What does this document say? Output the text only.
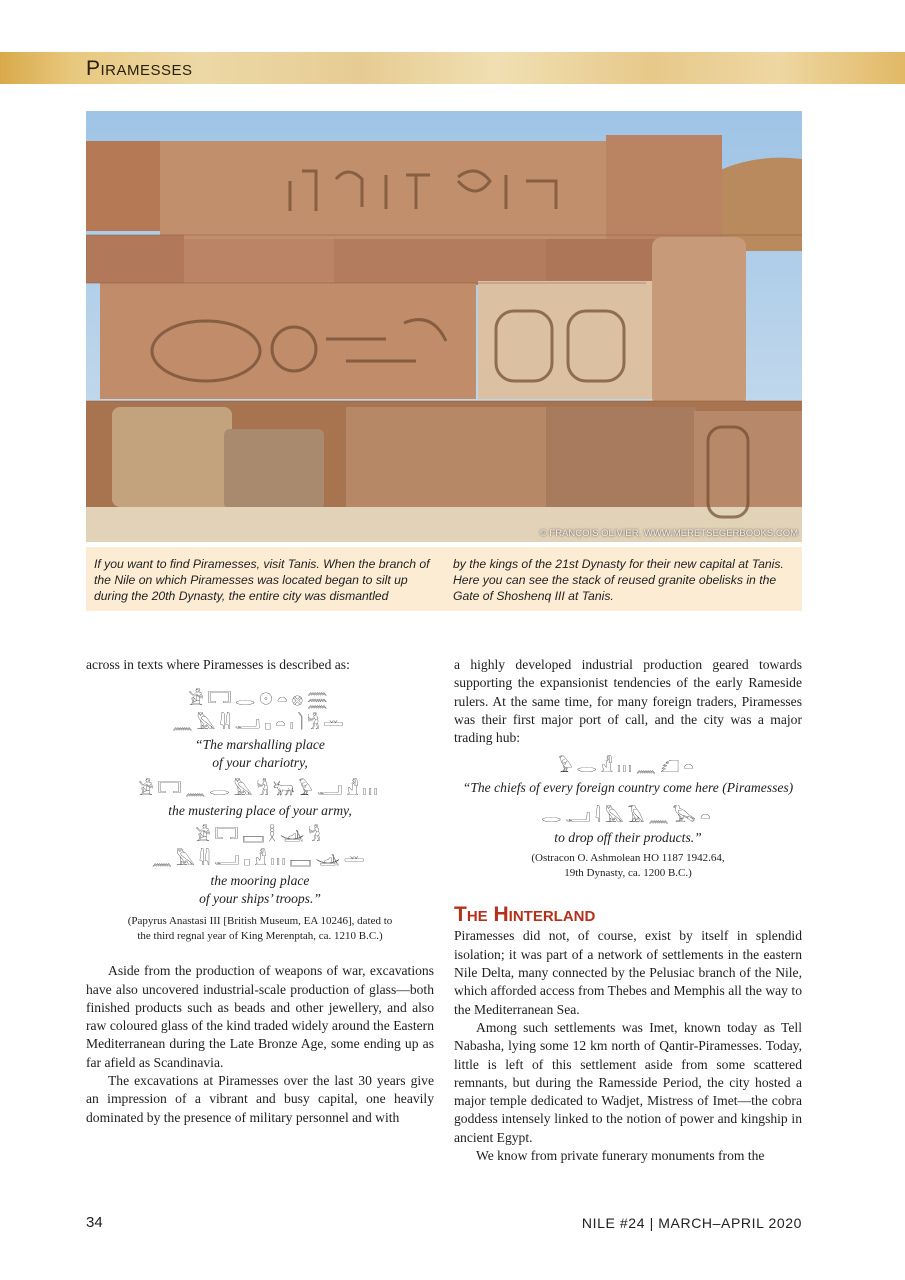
Piramesses
© FRANÇOIS OLIVIER, WWW.MERETSEGERBOOKS.COM
If you want to find Piramesses, visit Tanis. When the branch of the Nile on which Piramesses was located began to silt up during the 20th Dynasty, the entire city was dismantled
by the kings of the 21st Dynasty for their new capital at Tanis. Here you can see the stack of reused granite obelisks in the Gate of Shoshenq III at Tanis.

across in texts where Piramesses is described as:

𓀀𓉐𓂋𓇳𓏏𓊖𓈗
𓈖𓅓𓇌𓂝𓊪𓏏𓏤𓌙𓀜𓏛

“The marshalling place

of your chariotry,

𓀀𓉐𓈖𓂋𓅓𓀜𓃒𓅱𓂝𓀭𓏥

the mustering place of your army,

𓀀𓉐𓈙𓎛𓊛𓀜
𓈖𓅓𓇌𓂝𓊪𓀭𓏥𓈙𓊛𓏛

the mooring place

of your ships’ troops.”

(Papyrus Anastasi III [British Museum, EA 10246], dated to

the third regnal year of King Merenptah, ca. 1210 B.C.)

Aside from the production of weapons of war, excavations have also uncovered industrial-scale production of glass—both finished products such as beads and other jewellery, and also raw coloured glass of the kind traded widely around the Eastern Mediterranean during the Late Bronze Age, some ending up as far afield as Scandinavia.

The excavations at Piramesses over the last 30 years give an impression of a vibrant and busy capital, one heavily dominated by the presence of military personnel and with

a highly developed industrial production geared towards supporting the expansionist tendencies of the early Rameside rulers. At the same time, for many foreign traders, Piramesses was their first major port of call, and the city was a major trading hub:

𓅱𓂋𓀭𓏥𓈖𓆎𓏏

“The chiefs of every foreign country come here (Piramesses)

𓂋𓂝𓇋𓅓𓄿𓈖𓅂𓏏

to drop off their products.”

(Ostracon O. Ashmolean HO 1187 1942.64,

19th Dynasty, ca. 1200 B.C.)

The Hinterland

Piramesses did not, of course, exist by itself in splendid isolation; it was part of a network of settlements in the eastern Nile Delta, many connected by the Pelusiac branch of the Nile, which afforded access from Thebes and Memphis all the way to the Mediterranean Sea.

Among such settlements was Imet, known today as Tell Nabasha, lying some 12 km north of Qantir-Piramesses. Today, little is left of this settlement aside from some scattered remnants, but during the Ramesside Period, the city hosted a major temple dedicated to Wadjet, Mistress of Imet—the cobra goddess intensely linked to the notion of power and kingship in ancient Egypt.

We know from private funerary monuments from the

34	NILE #24 | MARCH–APRIL 2020
